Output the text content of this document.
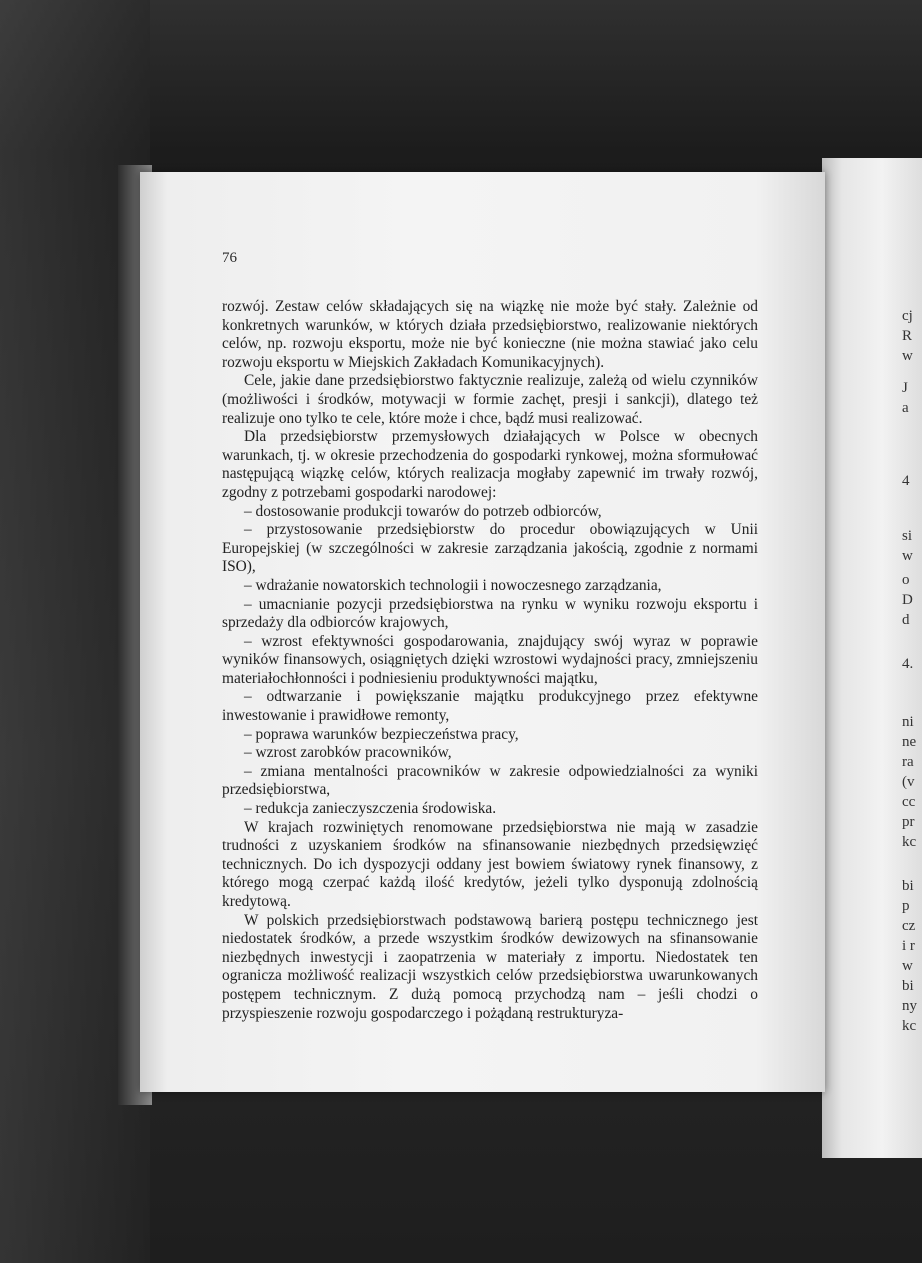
cj
R
w
J
a
4
si
w
o
D
d
4.
ni
ne
ra
(v
cc
pr
kc
bi
p
cz
i r
w
bi
ny
kc
76

rozwój. Zestaw celów składających się na wiązkę nie może być stały. Zależnie od konkretnych warunków, w których działa przedsiębiorstwo, realizowanie niektórych celów, np. rozwoju eksportu, może nie być konieczne (nie można stawiać jako celu rozwoju eksportu w Miejskich Zakładach Komunikacyjnych).

Cele, jakie dane przedsiębiorstwo faktycznie realizuje, zależą od wielu czynników (możliwości i środków, motywacji w formie zachęt, presji i sankcji), dlatego też realizuje ono tylko te cele, które może i chce, bądź musi realizować.

Dla przedsiębiorstw przemysłowych działających w Polsce w obecnych warunkach, tj. w okresie przechodzenia do gospodarki rynkowej, można sformułować następującą wiązkę celów, których realizacja mogłaby zapewnić im trwały rozwój, zgodny z potrzebami gospodarki narodowej:

– dostosowanie produkcji towarów do potrzeb odbiorców,

– przystosowanie przedsiębiorstw do procedur obowiązujących w Unii Europejskiej (w szczególności w zakresie zarządzania jakością, zgodnie z normami ISO),

– wdrażanie nowatorskich technologii i nowoczesnego zarządzania,

– umacnianie pozycji przedsiębiorstwa na rynku w wyniku rozwoju eksportu i sprzedaży dla odbiorców krajowych,

– wzrost efektywności gospodarowania, znajdujący swój wyraz w poprawie wyników finansowych, osiągniętych dzięki wzrostowi wydajności pracy, zmniejszeniu materiałochłonności i podniesieniu produktywności majątku,

– odtwarzanie i powiększanie majątku produkcyjnego przez efektywne inwestowanie i prawidłowe remonty,

– poprawa warunków bezpieczeństwa pracy,

– wzrost zarobków pracowników,

– zmiana mentalności pracowników w zakresie odpowiedzialności za wyniki przedsiębiorstwa,

– redukcja zanieczyszczenia środowiska.

W krajach rozwiniętych renomowane przedsiębiorstwa nie mają w zasadzie trudności z uzyskaniem środków na sfinansowanie niezbędnych przedsięwzięć technicznych. Do ich dyspozycji oddany jest bowiem światowy rynek finansowy, z którego mogą czerpać każdą ilość kredytów, jeżeli tylko dysponują zdolnością kredytową.

W polskich przedsiębiorstwach podstawową barierą postępu technicznego jest niedostatek środków, a przede wszystkim środków dewizowych na sfinansowanie niezbędnych inwestycji i zaopatrzenia w materiały z importu. Niedostatek ten ogranicza możliwość realizacji wszystkich celów przedsiębiorstwa uwarunkowanych postępem technicznym. Z dużą pomocą przychodzą nam – jeśli chodzi o przyspieszenie rozwoju gospodarczego i pożądaną restrukturyza-
